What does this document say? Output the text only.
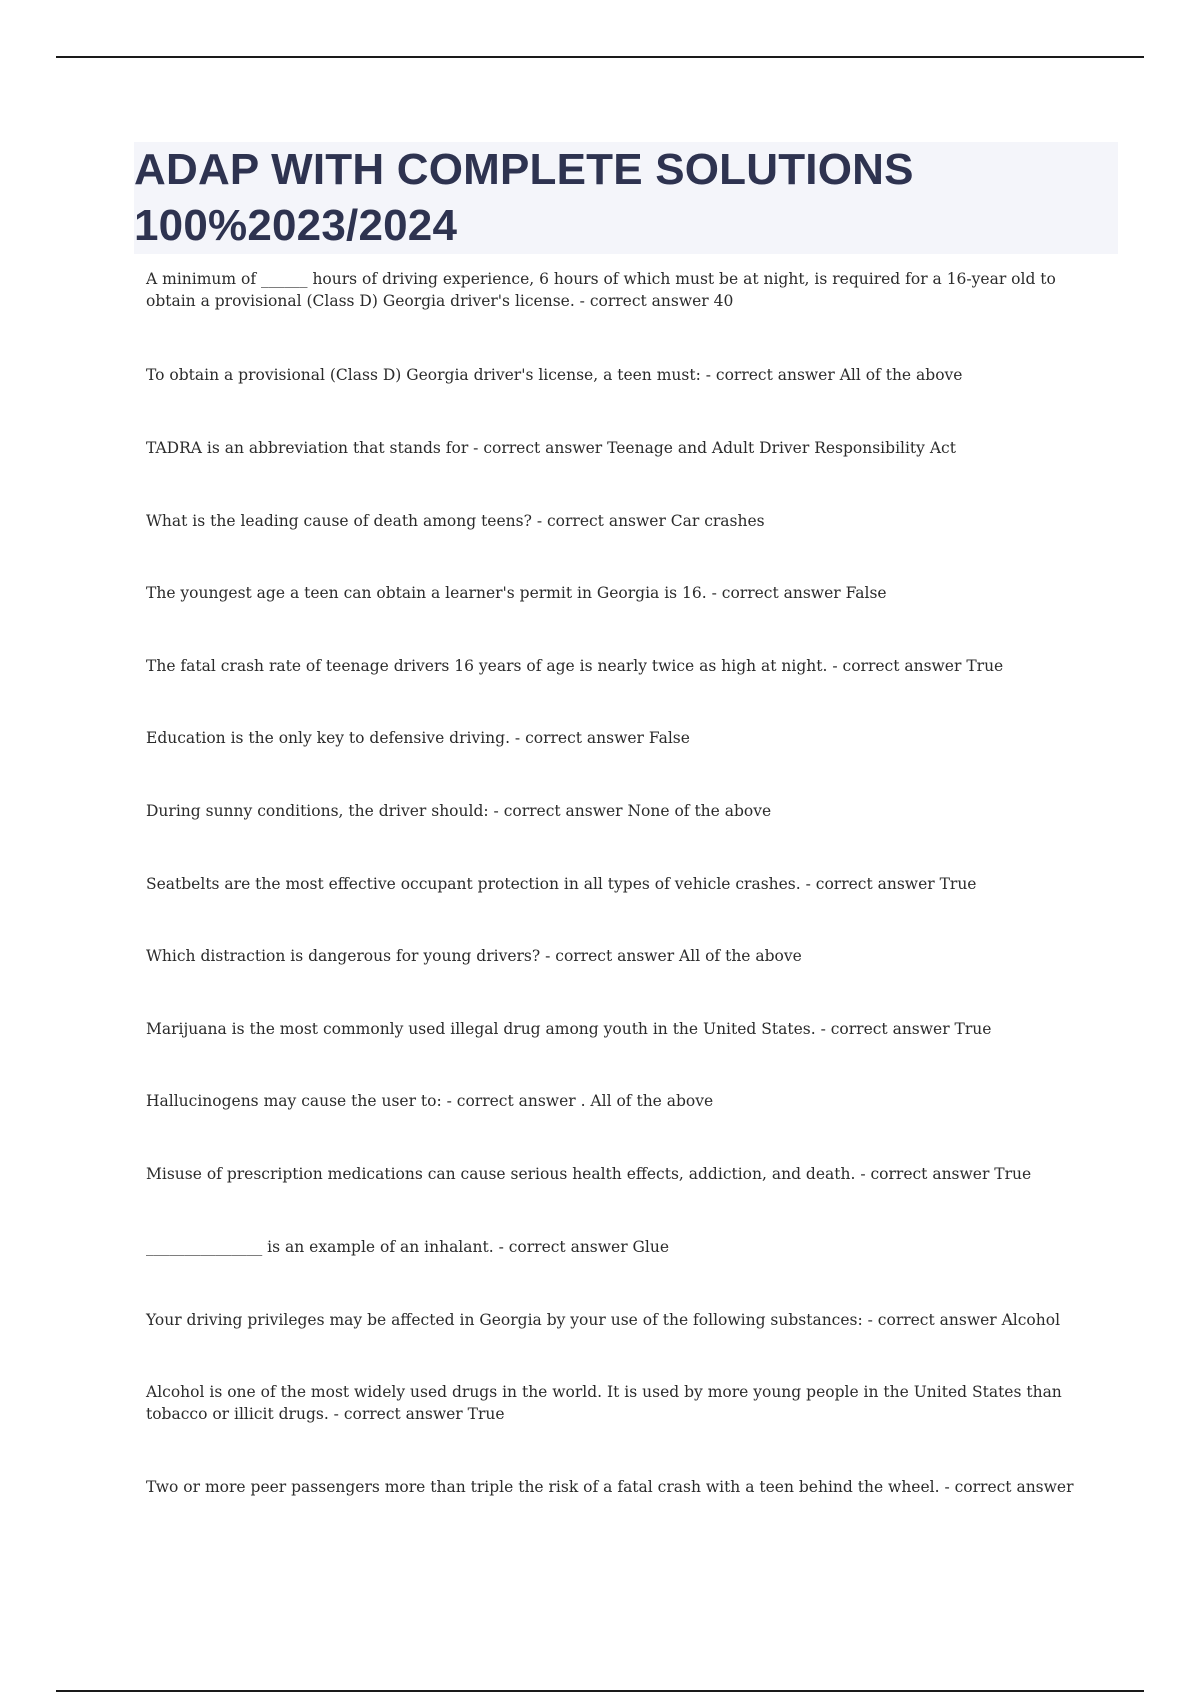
ADAP WITH COMPLETE SOLUTIONS
100%2023/2024

A minimum of ______ hours of driving experience, 6 hours of which must be at night, is required for a 16-year old to obtain a provisional (Class D) Georgia driver's license. - correct answer 40

To obtain a provisional (Class D) Georgia driver's license, a teen must: - correct answer All of the above

TADRA is an abbreviation that stands for - correct answer Teenage and Adult Driver Responsibility Act

What is the leading cause of death among teens? - correct answer Car crashes

The youngest age a teen can obtain a learner's permit in Georgia is 16. - correct answer False

The fatal crash rate of teenage drivers 16 years of age is nearly twice as high at night. - correct answer True

Education is the only key to defensive driving. - correct answer False

During sunny conditions, the driver should: - correct answer None of the above

Seatbelts are the most effective occupant protection in all types of vehicle crashes. - correct answer True

Which distraction is dangerous for young drivers? - correct answer All of the above

Marijuana is the most commonly used illegal drug among youth in the United States. - correct answer True

Hallucinogens may cause the user to: - correct answer . All of the above

Misuse of prescription medications can cause serious health effects, addiction, and death. - correct answer True

_______________ is an example of an inhalant. - correct answer Glue

Your driving privileges may be affected in Georgia by your use of the following substances: - correct answer Alcohol

Alcohol is one of the most widely used drugs in the world. It is used by more young people in the United States than tobacco or illicit drugs. - correct answer True

Two or more peer passengers more than triple the risk of a fatal crash with a teen behind the wheel. - correct answer
